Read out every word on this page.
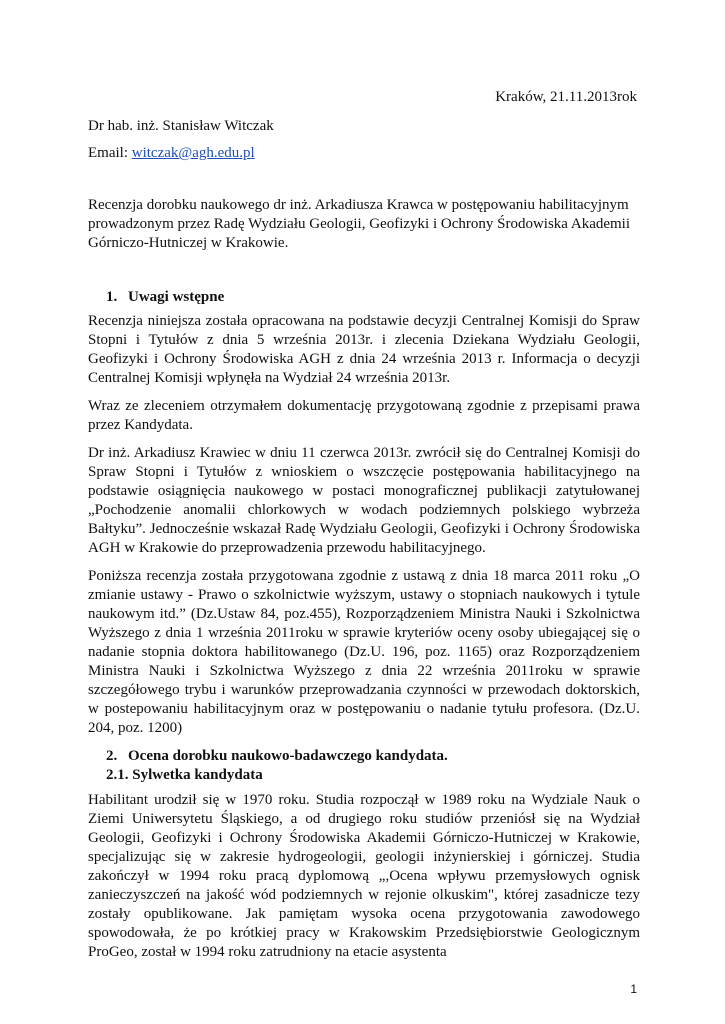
Kraków, 21.11.2013rok
Dr hab. inż. Stanisław Witczak
Email: witczak@agh.edu.pl
Recenzja dorobku naukowego dr inż. Arkadiusza Krawca w postępowaniu habilitacyjnym prowadzonym przez Radę Wydziału Geologii, Geofizyki i Ochrony Środowiska Akademii Górniczo-Hutniczej w Krakowie.
1. Uwagi wstępne

Recenzja niniejsza została opracowana na podstawie decyzji Centralnej Komisji do Spraw Stopni i Tytułów z dnia 5 września 2013r. i zlecenia Dziekana Wydziału Geologii, Geofizyki i Ochrony Środowiska AGH z dnia 24 września 2013 r. Informacja o decyzji Centralnej Komisji wpłynęła na Wydział 24 września 2013r.

Wraz ze zleceniem otrzymałem dokumentację przygotowaną zgodnie z przepisami prawa przez Kandydata.

Dr inż. Arkadiusz Krawiec w dniu 11 czerwca 2013r. zwrócił się do Centralnej Komisji do Spraw Stopni i Tytułów z wnioskiem o wszczęcie postępowania habilitacyjnego na podstawie osiągnięcia naukowego w postaci monograficznej publikacji zatytułowanej „Pochodzenie anomalii chlorkowych w wodach podziemnych polskiego wybrzeża Bałtyku”. Jednocześnie wskazał Radę Wydziału Geologii, Geofizyki i Ochrony Środowiska AGH w Krakowie do przeprowadzenia przewodu habilitacyjnego.

Poniższa recenzja została przygotowana zgodnie z ustawą z dnia 18 marca 2011 roku „O zmianie ustawy - Prawo o szkolnictwie wyższym, ustawy o stopniach naukowych i tytule naukowym itd.” (Dz.Ustaw 84, poz.455), Rozporządzeniem Ministra Nauki i Szkolnictwa Wyższego z dnia 1 września 2011roku w sprawie kryteriów oceny osoby ubiegającej się o nadanie stopnia doktora habilitowanego (Dz.U. 196, poz. 1165) oraz Rozporządzeniem Ministra Nauki i Szkolnictwa Wyższego z dnia 22 września 2011roku w sprawie szczegółowego trybu i warunków przeprowadzania czynności w przewodach doktorskich, w postepowaniu habilitacyjnym oraz w postępowaniu o nadanie tytułu profesora. (Dz.U. 204, poz. 1200)

2. Ocena dorobku naukowo-badawczego kandydata.
2.1. Sylwetka kandydata

Habilitant urodził się w 1970 roku. Studia rozpoczął w 1989 roku na Wydziale Nauk o Ziemi Uniwersytetu Śląskiego, a od drugiego roku studiów przeniósł się na Wydział Geologii, Geofizyki i Ochrony Środowiska Akademii Górniczo-Hutniczej w Krakowie, specjalizując się w zakresie hydrogeologii, geologii inżynierskiej i górniczej. Studia zakończył w 1994 roku pracą dyplomową „,Ocena wpływu przemysłowych ognisk zanieczyszczeń na jakość wód podziemnych w rejonie olkuskim", której zasadnicze tezy zostały opublikowane. Jak pamiętam wysoka ocena przygotowania zawodowego spowodowała, że po krótkiej pracy w Krakowskim Przedsiębiorstwie Geologicznym ProGeo, został w 1994 roku zatrudniony na etacie asystenta

1
